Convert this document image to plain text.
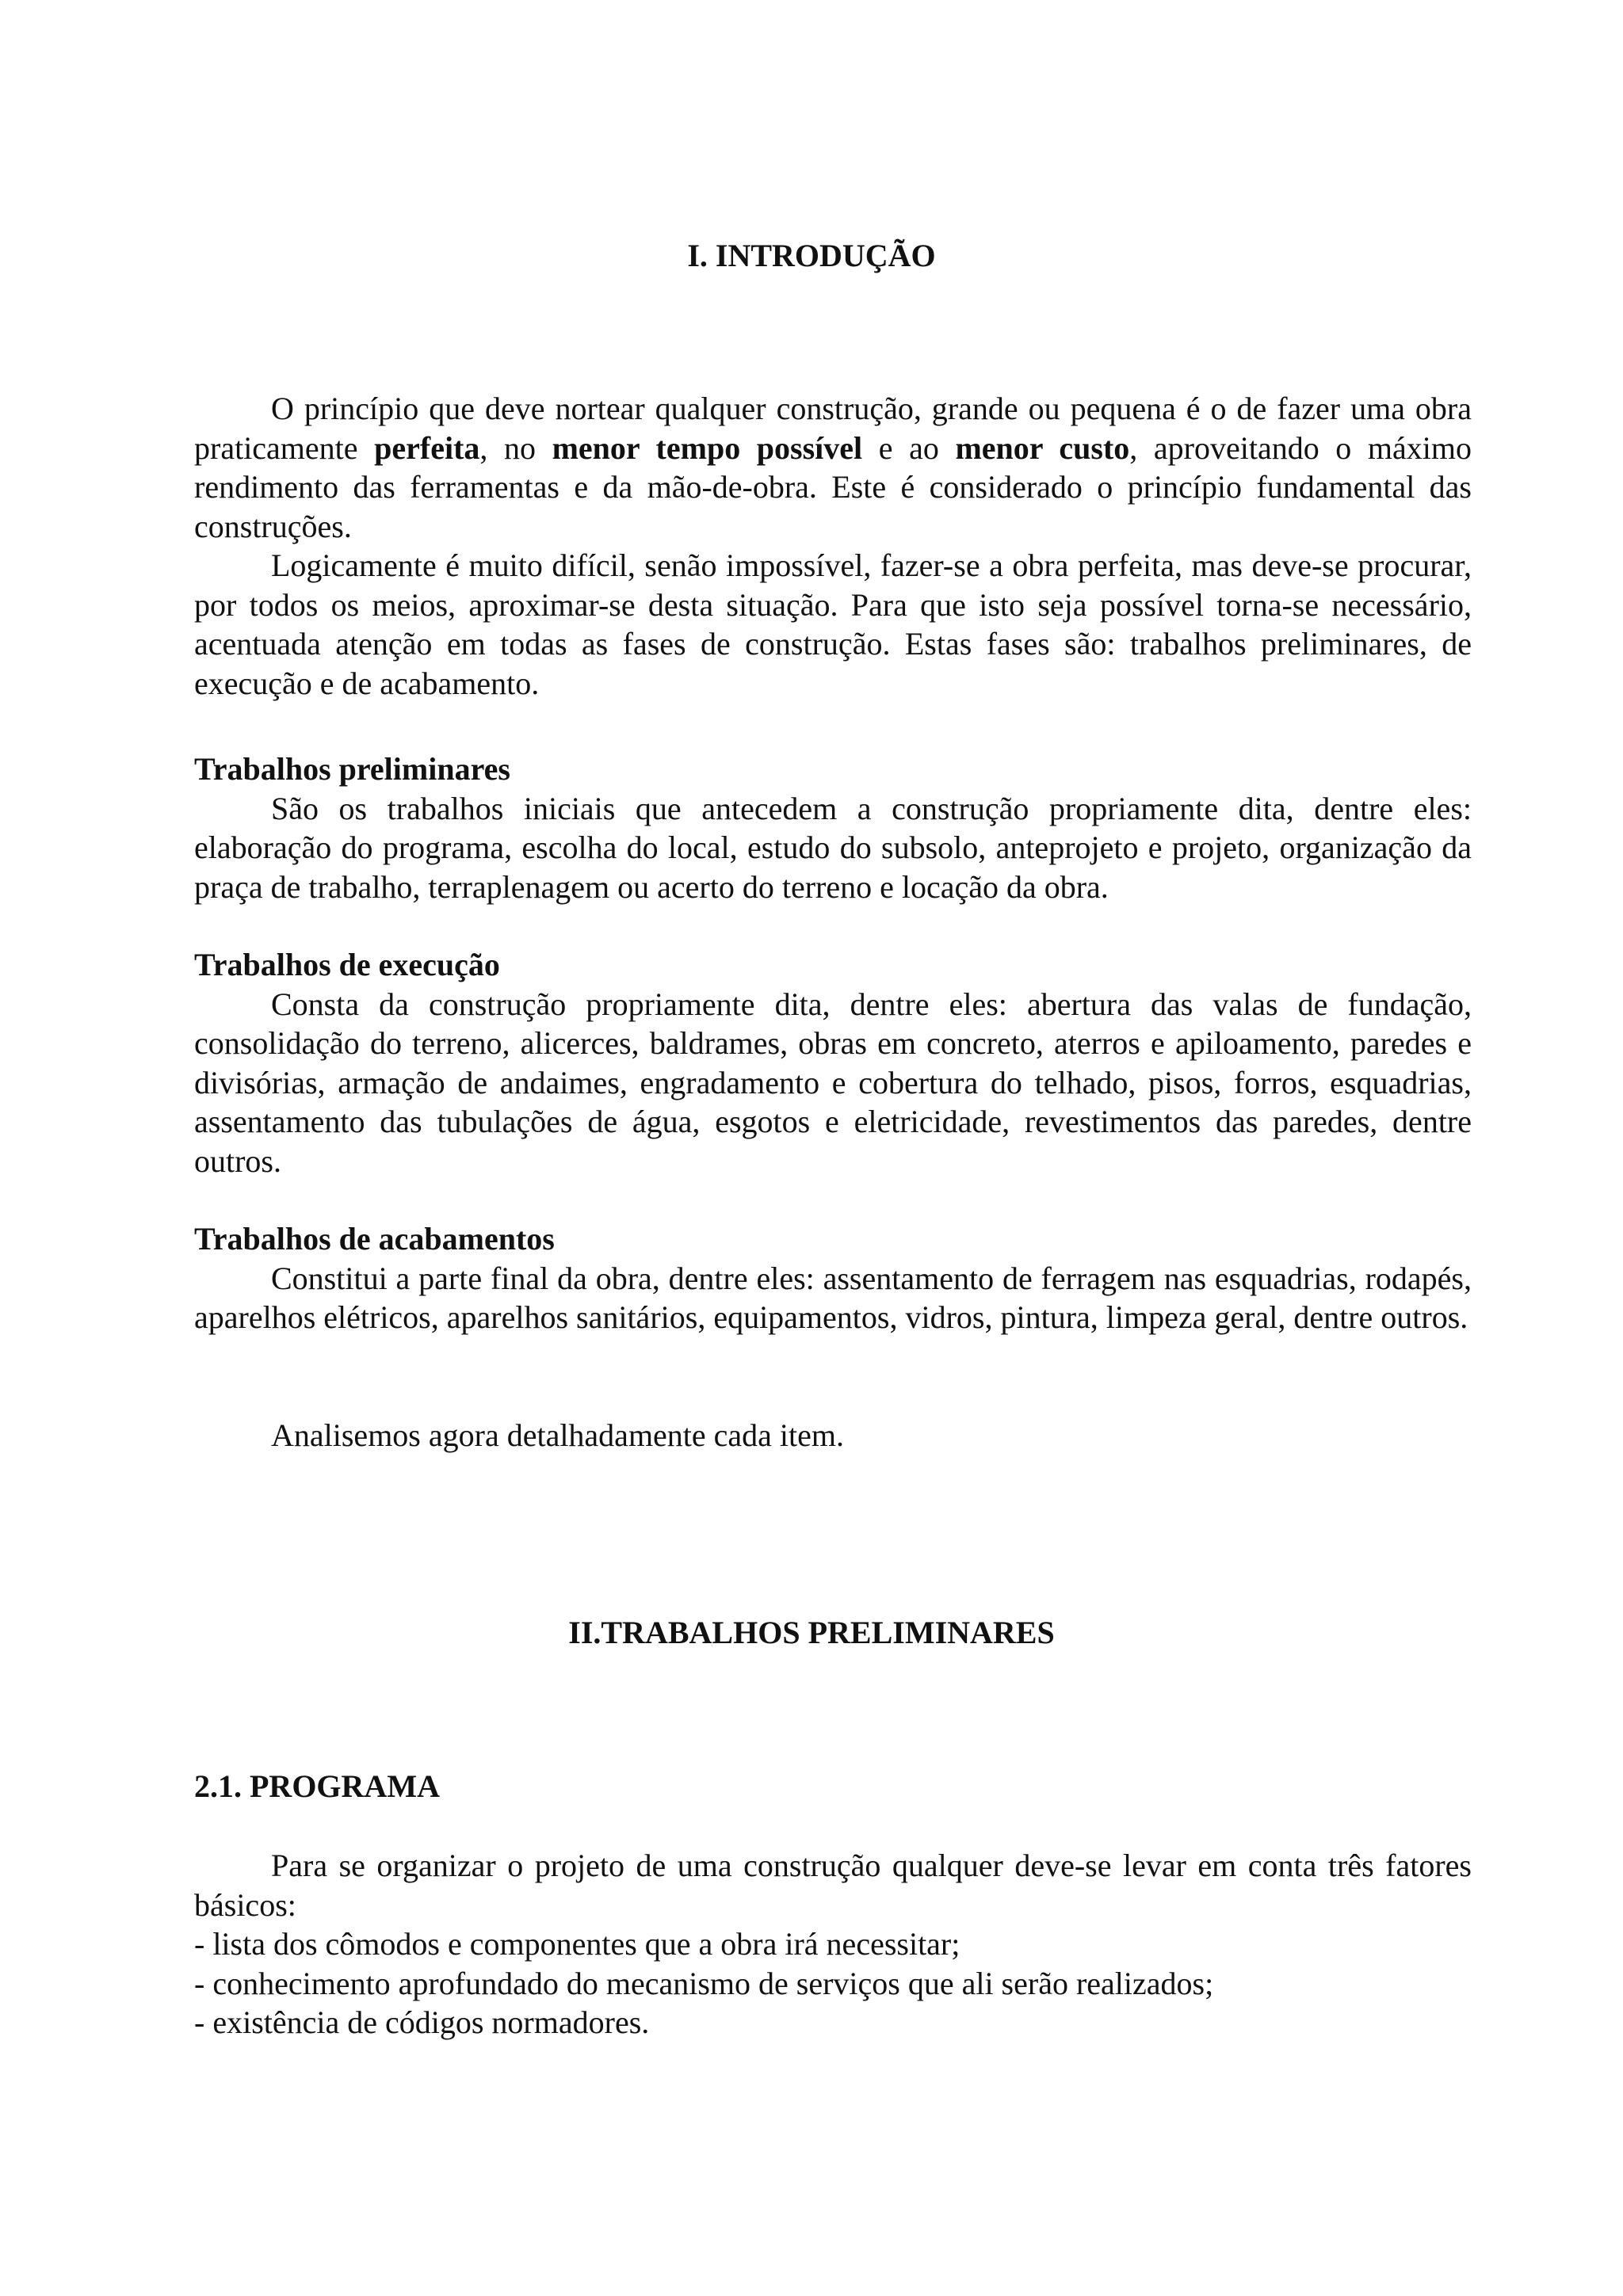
I. INTRODUÇÃO

O princípio que deve nortear qualquer construção, grande ou pequena é o de fazer uma obra praticamente perfeita, no menor tempo possível e ao menor custo, aproveitando o máximo rendimento das ferramentas e da mão-de-obra. Este é considerado o princípio fundamental das construções.

Logicamente é muito difícil, senão impossível, fazer-se a obra perfeita, mas deve-se procurar, por todos os meios, aproximar-se desta situação. Para que isto seja possível torna-se necessário, acentuada atenção em todas as fases de construção. Estas fases são: trabalhos preliminares, de execução e de acabamento.

Trabalhos preliminares

São os trabalhos iniciais que antecedem a construção propriamente dita, dentre eles: elaboração do programa, escolha do local, estudo do subsolo, anteprojeto e projeto, organização da praça de trabalho, terraplenagem ou acerto do terreno e locação da obra.

Trabalhos de execução

Consta da construção propriamente dita, dentre eles: abertura das valas de fundação, consolidação do terreno, alicerces, baldrames, obras em concreto, aterros e apiloamento, paredes e divisórias, armação de andaimes, engradamento e cobertura do telhado, pisos, forros, esquadrias, assentamento das tubulações de água, esgotos e eletricidade, revestimentos das paredes, dentre outros.

Trabalhos de acabamentos

Constitui a parte final da obra, dentre eles: assentamento de ferragem nas esquadrias, rodapés, aparelhos elétricos, aparelhos sanitários, equipamentos, vidros, pintura, limpeza geral, dentre outros.

Analisemos agora detalhadamente cada item.

II.TRABALHOS PRELIMINARES
2.1. PROGRAMA

Para se organizar o projeto de uma construção qualquer deve-se levar em conta três fatores básicos:

- lista dos cômodos e componentes que a obra irá necessitar;

- conhecimento aprofundado do mecanismo de serviços que ali serão realizados;

- existência de códigos normadores.
